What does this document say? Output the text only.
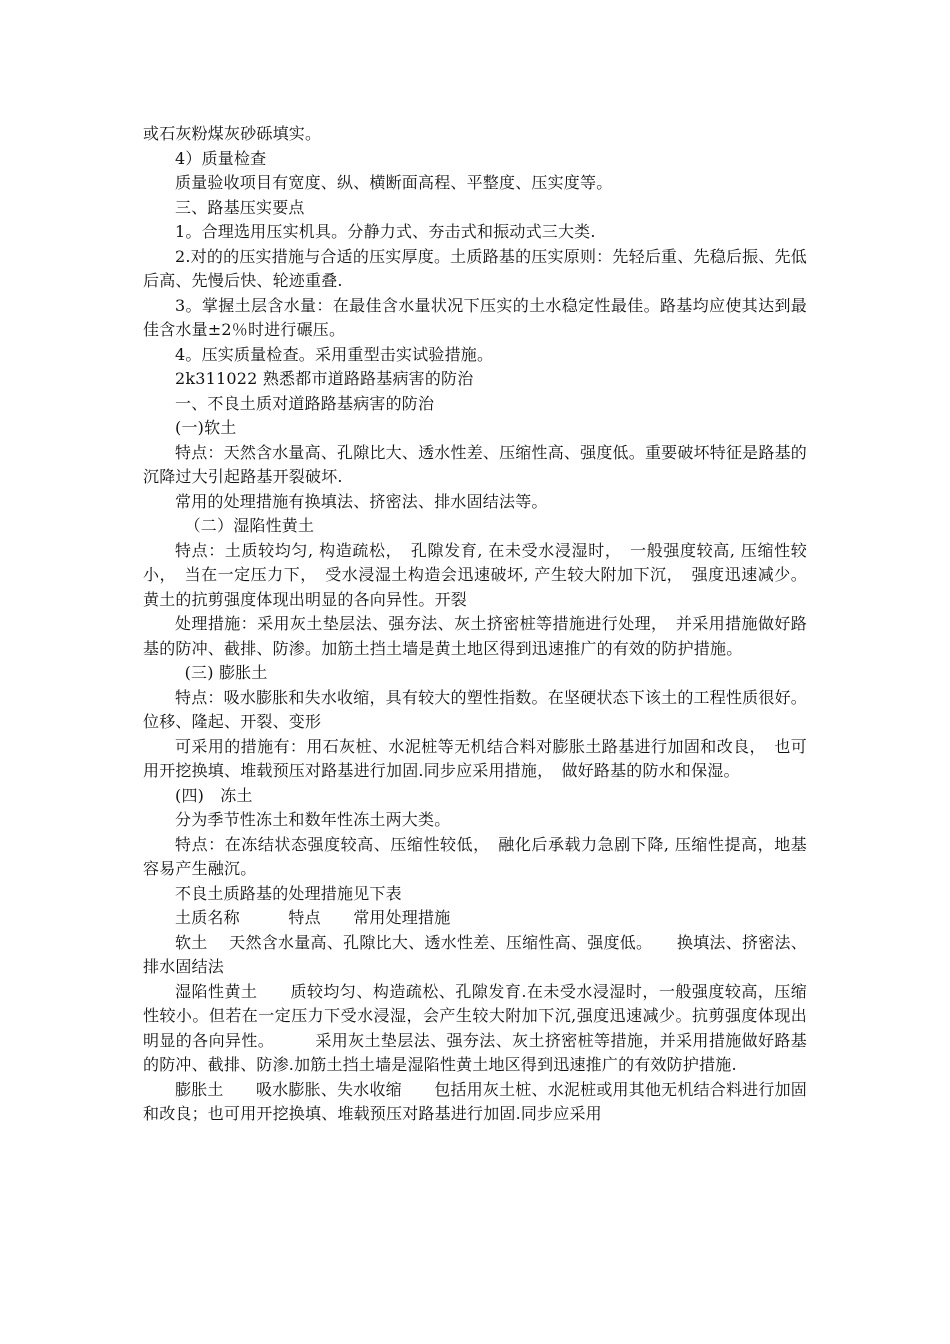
或石灰粉煤灰砂砾填实。

4）质量检查

质量验收项目有宽度、纵、横断面高程、平整度、压实度等。

三、路基压实要点

1。合理选用压实机具。分静力式、夯击式和振动式三大类.

2.对的的压实措施与合适的压实厚度。土质路基的压实原则：先轻后重、先稳后振、先低后高、先慢后快、轮迹重叠.

3。掌握土层含水量：在最佳含水量状况下压实的土水稳定性最佳。路基均应使其达到最佳含水量±2％时进行碾压。

4。压实质量检查。采用重型击实试验措施。

2k311022 熟悉都市道路路基病害的防治

一、不良土质对道路路基病害的防治

(一)软土

特点：天然含水量高、孔隙比大、透水性差、压缩性高、强度低。重要破坏特征是路基的沉降过大引起路基开裂破坏.

常用的处理措施有换填法、挤密法、排水固结法等。

（二）湿陷性黄土

特点：土质较均匀, 构造疏松，　孔隙发育, 在未受水浸湿时，　一般强度较高, 压缩性较小，　当在一定压力下，　受水浸湿土构造会迅速破坏, 产生较大附加下沉，　强度迅速减少。黄土的抗剪强度体现出明显的各向异性。开裂

处理措施：采用灰土垫层法、强夯法、灰土挤密桩等措施进行处理，　并采用措施做好路基的防冲、截排、防渗。加筋土挡土墙是黄土地区得到迅速推广的有效的防护措施。

(三) 膨胀土

特点：吸水膨胀和失水收缩，具有较大的塑性指数。在坚硬状态下该土的工程性质很好。位移、隆起、开裂、变形

可采用的措施有：用石灰桩、水泥桩等无机结合料对膨胀土路基进行加固和改良，　也可用开挖换填、堆载预压对路基进行加固.同步应采用措施，　做好路基的防水和保湿。

(四)　冻土

分为季节性冻土和数年性冻土两大类。

特点：在冻结状态强度较高、压缩性较低，　融化后承载力急剧下降, 压缩性提高，地基容易产生融沉。

不良土质路基的处理措施见下表

土质名称　　　特点　　常用处理措施

软土　 天然含水量高、孔隙比大、透水性差、压缩性高、强度低。　　换填法、挤密法、排水固结法

湿陷性黄土　　质较均匀、构造疏松、孔隙发育.在未受水浸湿时，一般强度较高，压缩性较小。但若在一定压力下受水浸湿，会产生较大附加下沉,强度迅速减少。抗剪强度体现出明显的各向异性。　　　采用灰土垫层法、强夯法、灰土挤密桩等措施，并采用措施做好路基的防冲、截排、防渗.加筋土挡土墙是湿陷性黄土地区得到迅速推广的有效防护措施.

膨胀土　　吸水膨胀、失水收缩　　包括用灰土桩、水泥桩或用其他无机结合料进行加固和改良；也可用开挖换填、堆载预压对路基进行加固.同步应采用
